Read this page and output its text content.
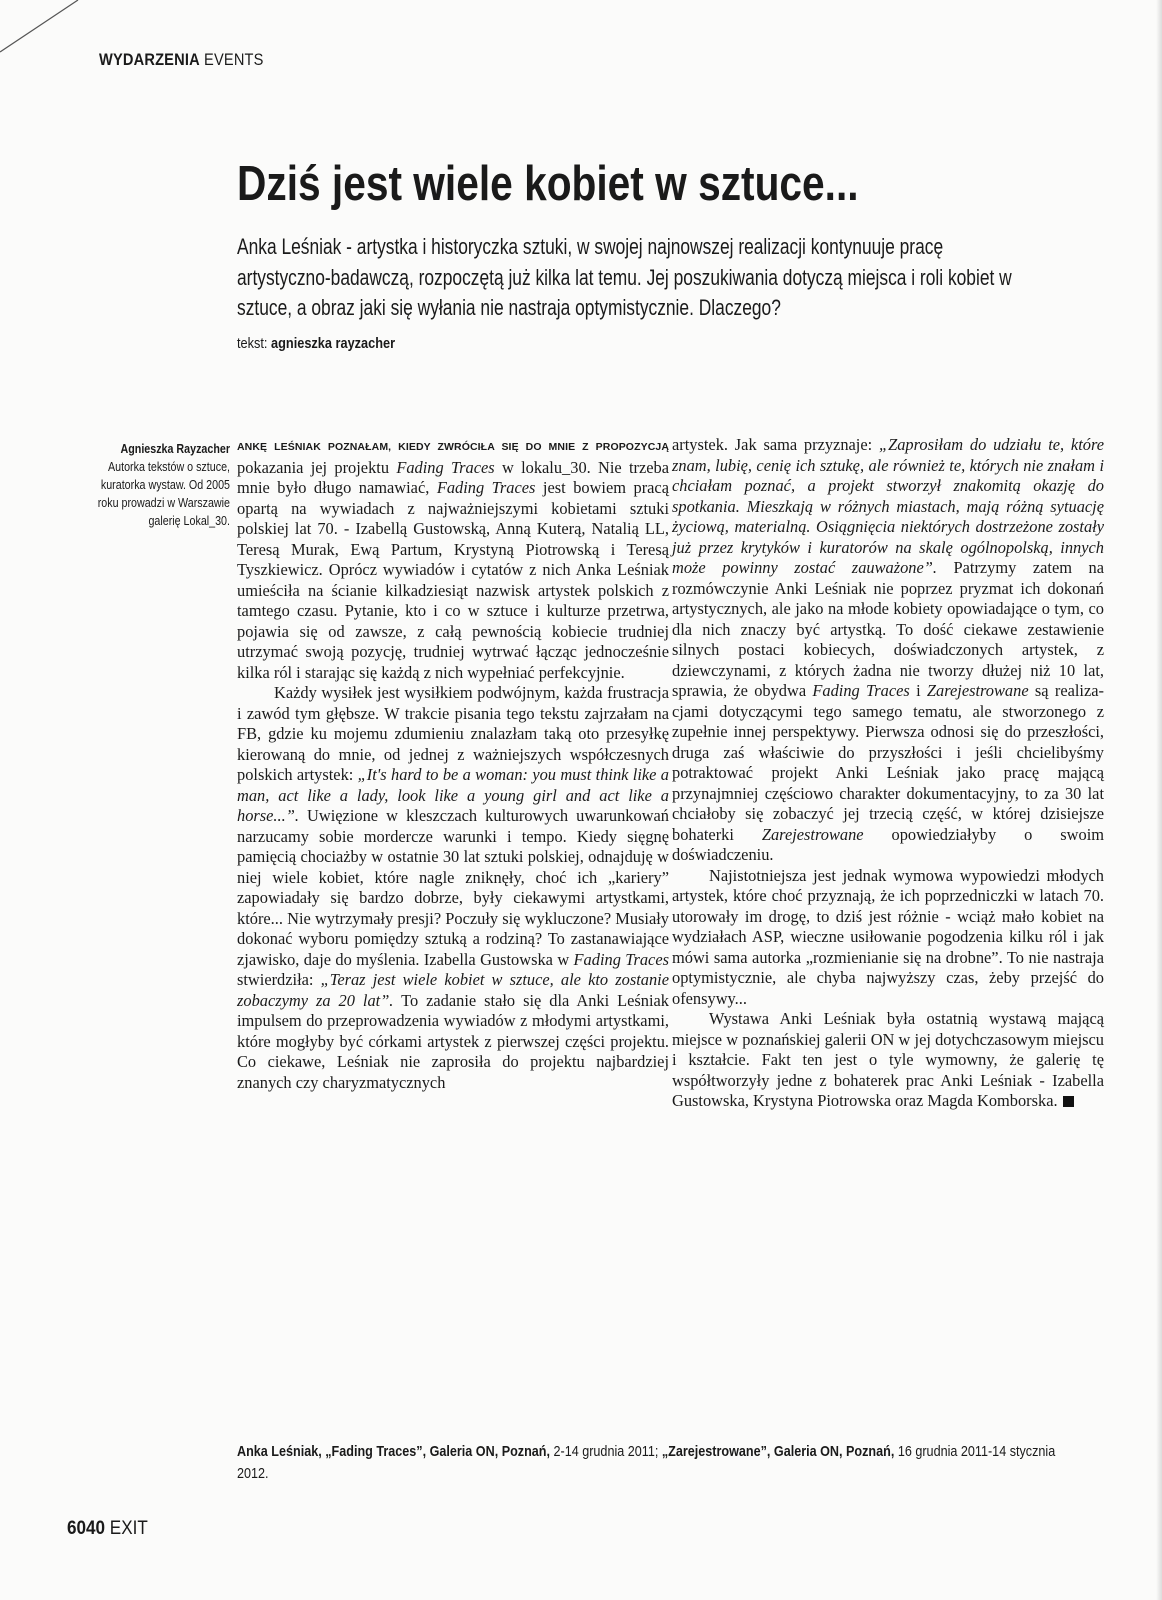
WYDARZENIA EVENTS
Dziś jest wiele kobiet w sztuce...

Anka Leśniak - artystka i historyczka sztuki, w swojej najnowszej realizacji kontynuuje pracę artystyczno-badawczą, rozpoczętą już kilka lat temu. Jej poszukiwania dotyczą miejsca i roli kobiet w sztuce, a obraz jaki się wyłania nie nastraja optymistycznie. Dlaczego?

tekst: agnieszka rayzacher
Agnieszka Rayzacher
Autorka tekstów o sztuce, kuratorka wystaw. Od 2005 roku prowadzi w Warszawie galerię Lokal_30.

ANKĘ LEŚNIAK POZNAŁAM, KIEDY ZWRÓCIŁA SIĘ DO MNIE Z PROPOZYCJĄ pokazania jej projektu Fading Traces w lokalu_30. Nie trzeba mnie było długo namawiać, Fading Traces jest bowiem pracą opartą na wywiadach z najważniejszymi kobietami sztuki polskiej lat 70. - Izabellą Gustowską, Anną Kuterą, Natalią LL, Teresą Murak, Ewą Partum, Krystyną Piotrowską i Teresą Tyszkiewicz. Oprócz wywiadów i cytatów z nich Anka Leśniak umieściła na ścianie kilkadziesiąt nazwisk artystek polskich z tamtego czasu. Pytanie, kto i co w sztuce i kulturze przetrwa, pojawia się od zawsze, z całą pewnością kobiecie trudniej utrzymać swoją pozycję, trudniej wytrwać łącząc jednocześnie kilka ról i starając się każdą z nich wypełniać perfekcyjnie.

Każdy wysiłek jest wysiłkiem podwójnym, każda frustracja i zawód tym głębsze. W trakcie pisania tego tekstu zajrzałam na FB, gdzie ku mojemu zdumieniu znalazłam taką oto przesyłkę kierowaną do mnie, od jednej z ważniejszych współczesnych polskich artystek: „It's hard to be a woman: you must think like a man, act like a lady, look like a young girl and act like a horse...”. Uwięzione w kleszczach kulturowych uwarunkowań narzucamy sobie mordercze warunki i tempo. Kiedy sięgnę pamięcią chociażby w ostatnie 30 lat sztuki polskiej, odnajduję w niej wiele kobiet, które nagle zniknęły, choć ich „kariery” zapowiadały się bardzo dobrze, były ciekawymi artystkami, które... Nie wytrzymały presji? Poczuły się wykluczone? Musiały dokonać wyboru pomiędzy sztuką a rodziną? To zastanawiające zjawisko, daje do myślenia. Izabella Gustowska w Fading Traces stwierdziła: „Teraz jest wiele kobiet w sztuce, ale kto zostanie zobaczymy za 20 lat”. To zadanie stało się dla Anki Leśniak impulsem do przeprowadzenia wywiadów z młodymi artystkami, które mogłyby być córkami artystek z pierwszej części projektu. Co ciekawe, Leśniak nie zaprosiła do projektu najbardziej znanych czy charyzmatycznych

artystek. Jak sama przyznaje: „Zaprosiłam do udziału te, które znam, lubię, cenię ich sztukę, ale również te, których nie znałam i chciałam poznać, a projekt stworzył znakomitą okazję do spotkania. Mieszkają w różnych miastach, mają różną sytuację życiową, materialną. Osiągnięcia niektórych dostrzeżone zostały już przez krytyków i kuratorów na skalę ogólnopolską, innych może powinny zostać zauważone”. Patrzymy zatem na rozmówczynie Anki Leśniak nie poprzez pryzmat ich dokonań artystycznych, ale jako na młode kobiety opowiadające o tym, co dla nich znaczy być artystką. To dość ciekawe zestawienie silnych postaci kobiecych, doświadczonych artystek, z dziewczynami, z których żadna nie tworzy dłużej niż 10 lat, sprawia, że obydwa Fading Traces i Zarejestrowane są realizacjami dotyczącymi tego samego tematu, ale stworzonego z zupełnie innej perspektywy. Pierwsza odnosi się do przeszłości, druga zaś właściwie do przyszłości i jeśli chcielibyśmy potraktować projekt Anki Leśniak jako pracę mającą przynajmniej częściowo charakter dokumentacyjny, to za 30 lat chciałoby się zobaczyć jej trzecią część, w której dzisiejsze bohaterki Zarejestrowane opowiedziałyby o swoim doświadczeniu.

Najistotniejsza jest jednak wymowa wypowiedzi młodych artystek, które choć przyznają, że ich poprzedniczki w latach 70. utorowały im drogę, to dziś jest różnie - wciąż mało kobiet na wydziałach ASP, wieczne usiłowanie pogodzenia kilku ról i jak mówi sama autorka „rozmienianie się na drobne”. To nie nastraja optymistycznie, ale chyba najwyższy czas, żeby przejść do ofensywy...

Wystawa Anki Leśniak była ostatnią wystawą mającą miejsce w poznańskiej galerii ON w jej dotychczasowym miejscu i kształcie. Fakt ten jest o tyle wymowny, że galerię tę współtworzyły jedne z bohaterek prac Anki Leśniak - Izabella Gustowska, Krystyna Piotrowska oraz Magda Komborska.

Anka Leśniak, „Fading Traces”, Galeria ON, Poznań, 2-14 grudnia 2011; „Zarejestrowane”, Galeria ON, Poznań, 16 grudnia 2011-14 stycznia 2012.

6040 EXIT
